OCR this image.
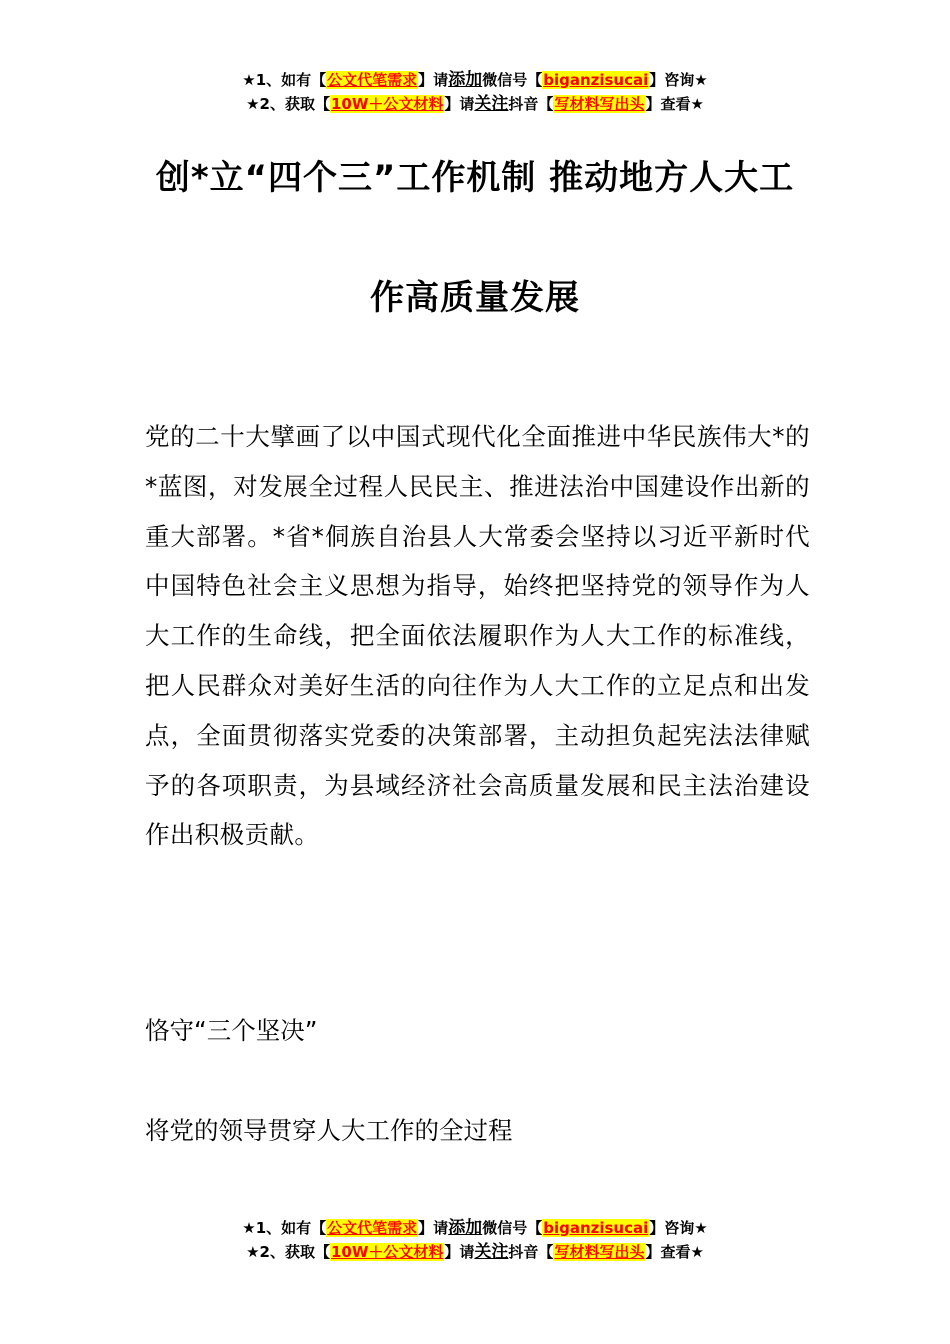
★1、如有【公文代笔需求】请添加微信号【biganzisucai】咨询★
★2、获取【10W＋公文材料】请关注抖音【写材料写出头】查看★
创*立“四个三”工作机制 推动地方人大工
作高质量发展
党的二十大擘画了以中国式现代化全面推进中华民族伟大*的*蓝图，对发展全过程人民民主、推进法治中国建设作出新的重大部署。*省*侗族自治县人大常委会坚持以习近平新时代中国特色社会主义思想为指导，始终把坚持党的领导作为人大工作的生命线，把全面依法履职作为人大工作的标准线，把人民群众对美好生活的向往作为人大工作的立足点和出发点，全面贯彻落实党委的决策部署，主动担负起宪法法律赋予的各项职责，为县域经济社会高质量发展和民主法治建设作出积极贡献。
恪守“三个坚决”
将党的领导贯穿人大工作的全过程
★1、如有【公文代笔需求】请添加微信号【biganzisucai】咨询★
★2、获取【10W＋公文材料】请关注抖音【写材料写出头】查看★
